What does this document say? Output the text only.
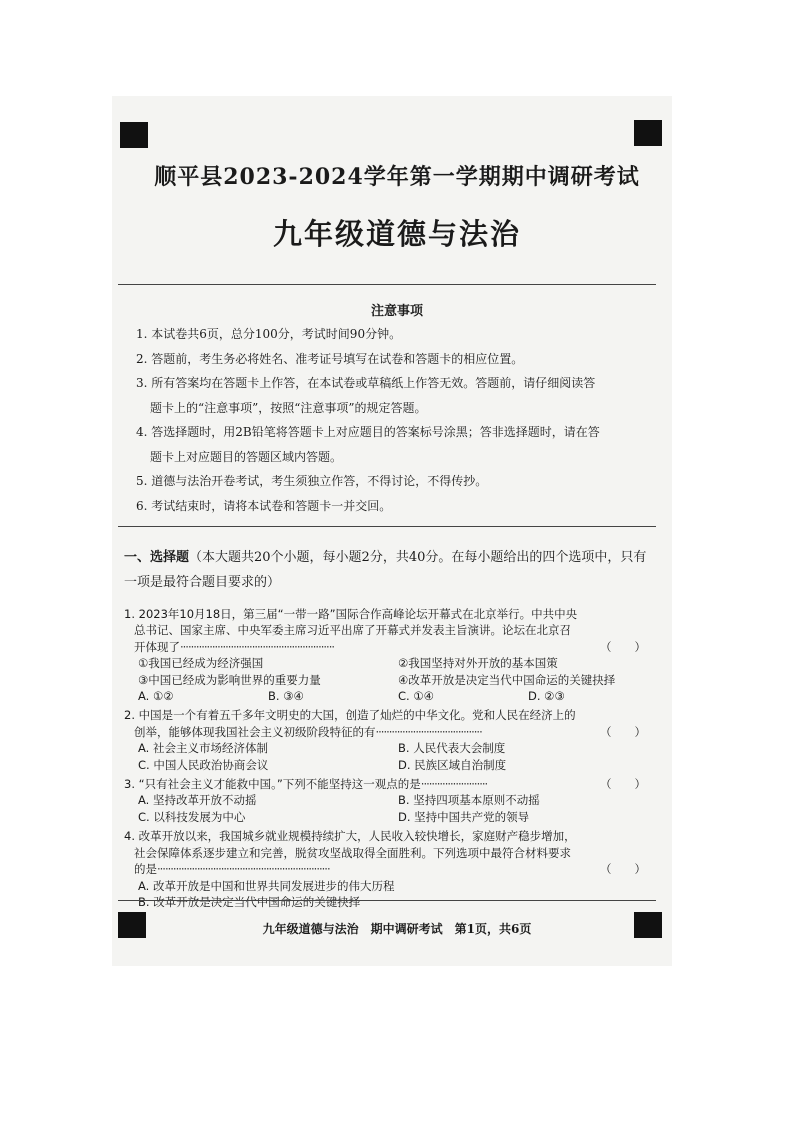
顺平县2023-2024学年第一学期期中调研考试
九年级道德与法治
注意事项
1. 本试卷共6页，总分100分，考试时间90分钟。
2. 答题前，考生务必将姓名、准考证号填写在试卷和答题卡的相应位置。
3. 所有答案均在答题卡上作答，在本试卷或草稿纸上作答无效。答题前，请仔细阅读答
题卡上的“注意事项”，按照“注意事项”的规定答题。
4. 答选择题时，用2B铅笔将答题卡上对应题目的答案标号涂黑；答非选择题时，请在答
题卡上对应题目的答题区域内答题。
5. 道德与法治开卷考试，考生须独立作答，不得讨论，不得传抄。
6. 考试结束时，请将本试卷和答题卡一并交回。
一、选择题（本大题共20个小题，每小题2分，共40分。在每小题给出的四个选项中，只有
一项是最符合题目要求的）
1. 2023年10月18日，第三届“一带一路”国际合作高峰论坛开幕式在北京举行。中共中央
总书记、国家主席、中央军委主席习近平出席了开幕式并发表主旨演讲。论坛在北京召
开体现了··························································	（　　）
①我国已经成为经济强国	②我国坚持对外开放的基本国策
③中国已经成为影响世界的重要力量	④改革开放是决定当代中国命运的关键抉择
A. ①②	B. ③④	C. ①④	D. ②③
2. 中国是一个有着五千多年文明史的大国，创造了灿烂的中华文化。党和人民在经济上的
创举，能够体现我国社会主义初级阶段特征的有········································	（　　）
A. 社会主义市场经济体制	B. 人民代表大会制度
C. 中国人民政治协商会议	D. 民族区域自治制度
3. “只有社会主义才能救中国。”下列不能坚持这一观点的是·························	（　　）
A. 坚持改革开放不动摇	B. 坚持四项基本原则不动摇
C. 以科技发展为中心	D. 坚持中国共产党的领导
4. 改革开放以来，我国城乡就业规模持续扩大，人民收入较快增长，家庭财产稳步增加，
社会保障体系逐步建立和完善，脱贫攻坚战取得全面胜利。下列选项中最符合材料要求
的是·································································	（　　）
A. 改革开放是中国和世界共同发展进步的伟大历程
B. 改革开放是决定当代中国命运的关键抉择
九年级道德与法治　期中调研考试　第1页，共6页
